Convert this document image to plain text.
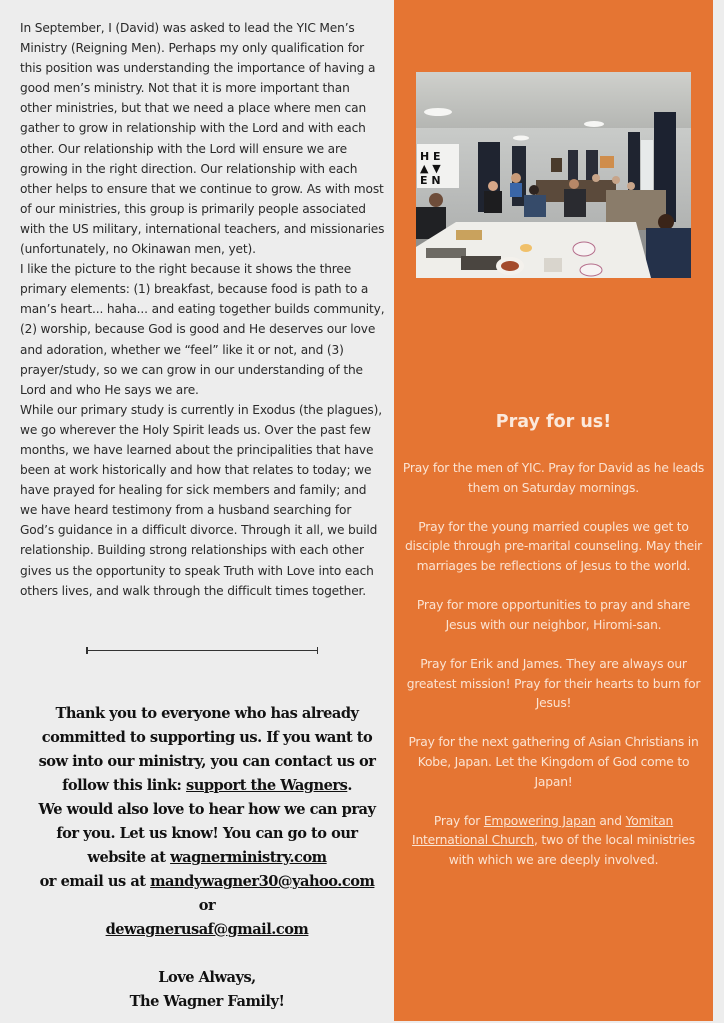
In September, I (David) was asked to lead the YIC Men’s Ministry (Reigning Men). Perhaps my only qualification for this position was understanding the importance of having a good men’s ministry. Not that it is more important than other ministries, but that we need a place where men can gather to grow in relationship with the Lord and with each other. Our relationship with the Lord will ensure we are growing in the right direction. Our relationship with each other helps to ensure that we continue to grow. As with most of our ministries, this group is primarily people associated with the US military, international teachers, and missionaries (unfortunately, no Okinawan men, yet).

I like the picture to the right because it shows the three primary elements: (1) breakfast, because food is path to a man’s heart... haha... and eating together builds community, (2) worship, because God is good and He deserves our love and adoration, whether we “feel” like it or not, and (3) prayer/study, so we can grow in our understanding of the Lord and who He says we are.

While our primary study is currently in Exodus (the plagues), we go wherever the Holy Spirit leads us. Over the past few months, we have learned about the principalities that have been at work historically and how that relates to today; we have prayed for healing for sick members and family; and we have heard testimony from a husband searching for God’s guidance in a difficult divorce. Through it all, we build relationship. Building strong relationships with each other gives us the opportunity to speak Truth with Love into each others lives, and walk through the difficult times together.

Thank you to everyone who has already
committed to supporting us. If you want to
sow into our ministry, you can contact us or
follow this link: support the Wagners.
We would also love to hear how we can pray
for you. Let us know! You can go to our
website at wagnerministry.com
or email us at mandywagner30@yahoo.com
or
dewagnerusaf@gmail.com
Love Always,
The Wagner Family!
H E
▲ ▼
E N
Pray for us!

Pray for the men of YIC. Pray for David as he leads them on Saturday mornings.

Pray for the young married couples we get to disciple through pre-marital counseling. May their marriages be reflections of Jesus to the world.

Pray for more opportunities to pray and share Jesus with our neighbor, Hiromi-san.

Pray for Erik and James. They are always our greatest mission! Pray for their hearts to burn for Jesus!

Pray for the next gathering of Asian Christians in Kobe, Japan. Let the Kingdom of God come to Japan!

Pray for Empowering Japan and Yomitan International Church, two of the local ministries with which we are deeply involved.
